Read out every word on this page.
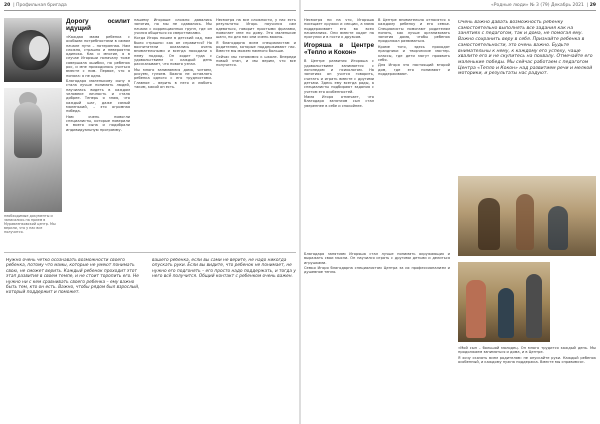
20  | Профильная бригада
необходимые документы и записались на прием в Муравленковский центр. Мы верили, что у нас все получится.
Дорогу осилит идущий

«Каждая мама ребенка с особыми потребностями в самом начале пути – потерянная. Нам сложно, страшно и невероятно одиноко. Как и многие, я в случае Игоряши поначалу тоже совершала ошибки, но ребенок рос, и мне приходилось учиться вместе с ним. Первое, что я поняла: я не одна.

Благодаря маленькому сыну я стала лучше понимать людей, научилась видеть в каждом человеке личность и стала добрее. Теперь я знаю, что каждый шаг, даже самый маленький, – это огромная победа.

Нам очень помогли специалисты, которые поверили в моего сына и подобрали индивидуальную программу.

нашему Игоряше сложно давались занятия, но мы не сдавались. Мы начали с коррекционных групп, где он учился общаться со сверстниками.

Когда Игорь пошел в детский сад, нам было страшно: как он справится? Но воспитатели оказались очень внимательными и всегда находили к нему подход. Он ходит туда с удовольствием и каждый день рассказывает, что нового узнал.

Мы много занимаемся дома, читаем, рисуем, гуляем. Важно не оставлять ребенка одного с его трудностями. Главное – верить в него и любить таким, какой он есть.

Несмотря на все сложности, у нас есть результаты: Игорь научился сам одеваться, говорит простыми фразами, помогает мне по дому. Это маленькие шаги, но для нас они очень важны.

Я благодарна всем специалистам и родителям, которые поддерживают нас. Вместе мы можем намного больше.

Сейчас мы готовимся к школе. Впереди новый этап, и мы верим, что все получится.

Нужно очень четко осознавать возможности своего ребенка, потому что мамы, которые не умеют понимать свою, не сможет верить. Каждый ребенок проходит этот этап развития в своем темпе, и не стоит торопить его. Не нужно ни с кем сравнивать своего ребенка – ему важно быть тем, кто он есть. Важно, чтобы рядом был взрослый, который поддержит и поможет.
вашего ребенка, если вы сами не верите, не надо никогда опускать руки. Если вы видите, что ребенок не понимает, не нужно его подгонять – его просто надо поддержать, и тогда у него всё получится. Общий контакт с ребенком очень важен.
«Родные люди» № 3 (79) Декабрь 2021  | 29

Несмотря ни на что, Игоряша посещает кружки и секции, а мама поддерживает его во всех начинаниях. Они вместе ходят на прогулки и в гости к друзьям.

Игоряша в Центре «Тепло и Кокон»

В Центре развития Игоряша с удовольствием занимается с логопедом и психологом. На занятиях он учится говорить, считать и играть вместе с другими детьми. Здесь ему всегда рады, а специалисты подбирают задания с учетом его особенностей.

Мама Игоря отмечает, что благодаря занятиям сын стал увереннее в себе и спокойнее.

В Центре внимательно относятся к каждому ребенку и его семье. Специалисты помогают родителям понять, как лучше организовать занятия дома, чтобы ребенок продолжал развиваться.

Кроме того, здесь проходят праздники и творческие мастер-классы, где дети могут проявить себя.

Для Игоря это настоящий второй дом, где его понимают и поддерживают.

Очень важно давать возможность ребенку самостоятельно выполнять все задания как на занятиях с педагогом, так и дома, не помогая ему. Важно сохранить веру в себя. Признайте ребенка в самостоятельности, это очень важно. Будьте внимательны к нему, к каждому его успеху, чаще хвалите его и не скупитесь на похвалу. Отмечайте его маленькие победы. Мы сейчас работаем с педагогом Центра «Тепло и Кокон» над развитием речи и мелкой моторики, и результаты нас радуют.

Благодаря занятиям Игоряша стал лучше понимать окружающих и выражать свои мысли. Он научился играть с другими детьми и делиться игрушками.

Семья Игоря благодарна специалистам Центра за их профессионализм и душевное тепло.

«Мой сын – большой молодец. Он много трудится каждый день. Мы продолжаем заниматься и дома, и в Центре.

Я хочу сказать всем родителям: не опускайте руки. Каждый ребенок особенный, и каждому нужна поддержка. Вместе мы справимся».
